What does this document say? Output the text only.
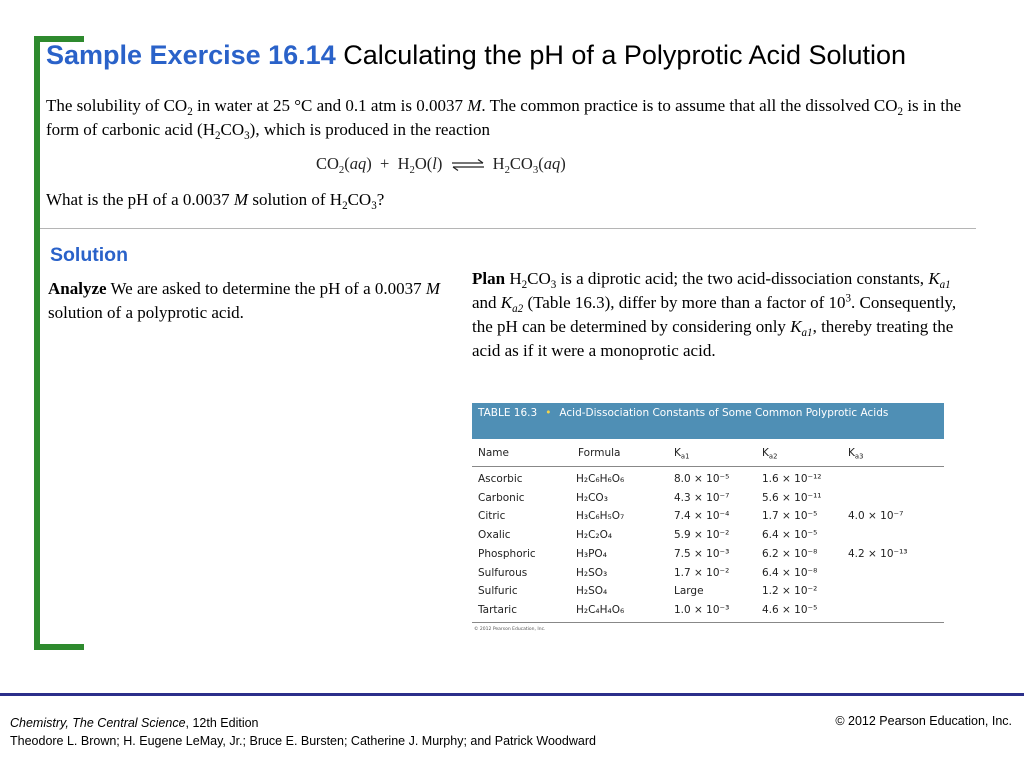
Sample Exercise 16.14 Calculating the pH of a Polyprotic Acid Solution
The solubility of $CO_2$ in water at 25 °C and 0.1 atm is 0.0037 M. The common practice is to assume that all the dissolved $CO_2$ is in the form of carbonic acid $(H_2CO_3)$, which is produced in the reaction
$CO_2(aq) + H_2O(l)$ ⇌ $H_2CO_3(aq)$
What is the pH of a 0.0037 M solution of $H_2CO_3$?
Solution
Analyze We are asked to determine the pH of a 0.0037 M solution of a polyprotic acid.
Plan $H_2CO_3$ is a diprotic acid; the two acid-dissociation constants, $K_{a1}$ and $K_{a2}$ (Table 16.3), differ by more than a factor of $10^3$. Consequently, the pH can be determined by considering only $K_{a1}$, thereby treating the acid as if it were a monoprotic acid.
TABLE 16.3 • Acid-Dissociation Constants of Some Common Polyprotic Acids
Name	Formula	$K_{a1}$	$K_{a2}$	$K_{a3}$
Ascorbic	H₂C₆H₆O₆	8.0 × 10⁻⁵	1.6 × 10⁻¹²
Carbonic	H₂CO₃	4.3 × 10⁻⁷	5.6 × 10⁻¹¹
Citric	H₃C₆H₅O₇	7.4 × 10⁻⁴	1.7 × 10⁻⁵	4.0 × 10⁻⁷
Oxalic	H₂C₂O₄	5.9 × 10⁻²	6.4 × 10⁻⁵
Phosphoric	H₃PO₄	7.5 × 10⁻³	6.2 × 10⁻⁸	4.2 × 10⁻¹³
Sulfurous	H₂SO₃	1.7 × 10⁻²	6.4 × 10⁻⁸
Sulfuric	H₂SO₄	Large	1.2 × 10⁻²
Tartaric	H₂C₄H₄O₆	1.0 × 10⁻³	4.6 × 10⁻⁵
© 2012 Pearson Education, Inc.
Chemistry, The Central Science, 12th Edition
Theodore L. Brown; H. Eugene LeMay, Jr.; Bruce E. Bursten; Catherine J. Murphy; and Patrick Woodward
© 2012 Pearson Education, Inc.
